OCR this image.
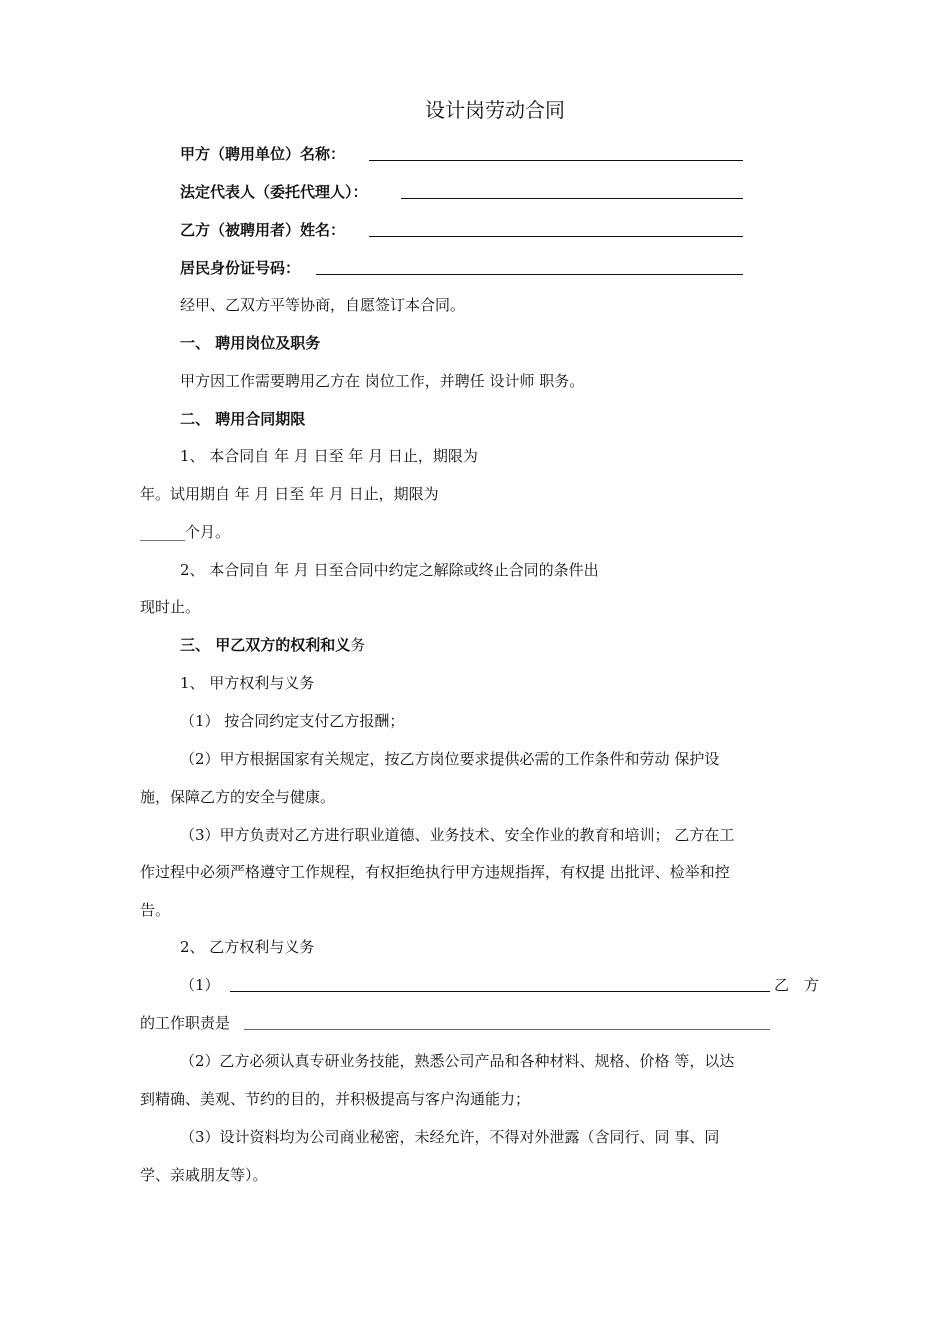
设计岗劳动合同
甲方（聘用单位）名称：
法定代表人（委托代理人）：
乙方（被聘用者）姓名：
居民身份证号码：
经甲、乙双方平等协商，自愿签订本合同。
一、 聘用岗位及职务
甲方因工作需要聘用乙方在 岗位工作，并聘任 设计师 职务。
二、 聘用合同期限
1、 本合同自 年 月 日至 年 月 日止，期限为
年。试用期自 年 月 日至 年 月 日止，期限为
______个月。
2、 本合同自 年 月 日至合同中约定之解除或终止合同的条件出
现时止。
三、 甲乙双方的权利和义务
1、 甲方权利与义务
（1） 按合同约定支付乙方报酬；
（2）甲方根据国家有关规定，按乙方岗位要求提供必需的工作条件和劳动 保护设
施，保障乙方的安全与健康。
（3）甲方负责对乙方进行职业道德、业务技术、安全作业的教育和培训； 乙方在工
作过程中必须严格遵守工作规程，有权拒绝执行甲方违规指挥，有权提 出批评、检举和控
告。
2、 乙方权利与义务
（1）	乙 方
的工作职责是
（2）乙方必须认真专研业务技能，熟悉公司产品和各种材料、规格、价格 等，以达
到精确、美观、节约的目的，并积极提高与客户沟通能力；
（3）设计资料均为公司商业秘密，未经允许，不得对外泄露（含同行、同 事、同
学、亲戚朋友等）。
